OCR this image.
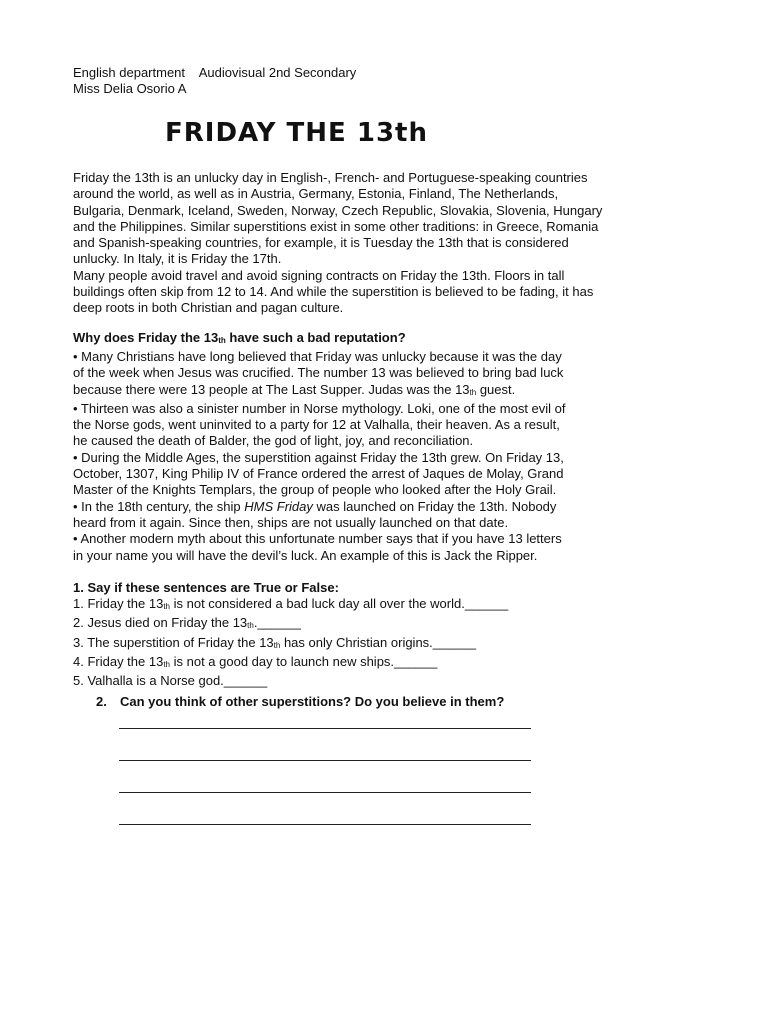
English department Audiovisual 2nd Secondary
Miss Delia Osorio A
FRIDAY THE 13th
Friday the 13th is an unlucky day in English-, French- and Portuguese-speaking countries
around the world, as well as in Austria, Germany, Estonia, Finland, The Netherlands,
Bulgaria, Denmark, Iceland, Sweden, Norway, Czech Republic, Slovakia, Slovenia, Hungary
and the Philippines. Similar superstitions exist in some other traditions: in Greece, Romania
and Spanish-speaking countries, for example, it is Tuesday the 13th that is considered
unlucky. In Italy, it is Friday the 17th.
Many people avoid travel and avoid signing contracts on Friday the 13th. Floors in tall
buildings often skip from 12 to 14. And while the superstition is believed to be fading, it has
deep roots in both Christian and pagan culture.
Why does Friday the $13_{th}$ have such a bad reputation?
• Many Christians have long believed that Friday was unlucky because it was the day
of the week when Jesus was crucified. The number 13 was believed to bring bad luck
because there were 13 people at The Last Supper. Judas was the $13_{th}$ guest.
• Thirteen was also a sinister number in Norse mythology. Loki, one of the most evil of
the Norse gods, went uninvited to a party for 12 at Valhalla, their heaven. As a result,
he caused the death of Balder, the god of light, joy, and reconciliation.
• During the Middle Ages, the superstition against Friday the 13th grew. On Friday 13,
October, 1307, King Philip IV of France ordered the arrest of Jaques de Molay, Grand
Master of the Knights Templars, the group of people who looked after the Holy Grail.
• In the 18th century, the ship HMS Friday was launched on Friday the 13th. Nobody
heard from it again. Since then, ships are not usually launched on that date.
• Another modern myth about this unfortunate number says that if you have 13 letters
in your name you will have the devil’s luck. An example of this is Jack the Ripper.
1. Say if these sentences are True or False:
1. Friday the $13_{th}$ is not considered a bad luck day all over the world.______
2. Jesus died on Friday the $13_{th}.\_\_\_\_\_\_$
3. The superstition of Friday the $13_{th}$ has only Christian origins.______
4. Friday the $13_{th}$ is not a good day to launch new ships.______
5. Valhalla is a Norse god.______
2. Can you think of other superstitions? Do you believe in them?
